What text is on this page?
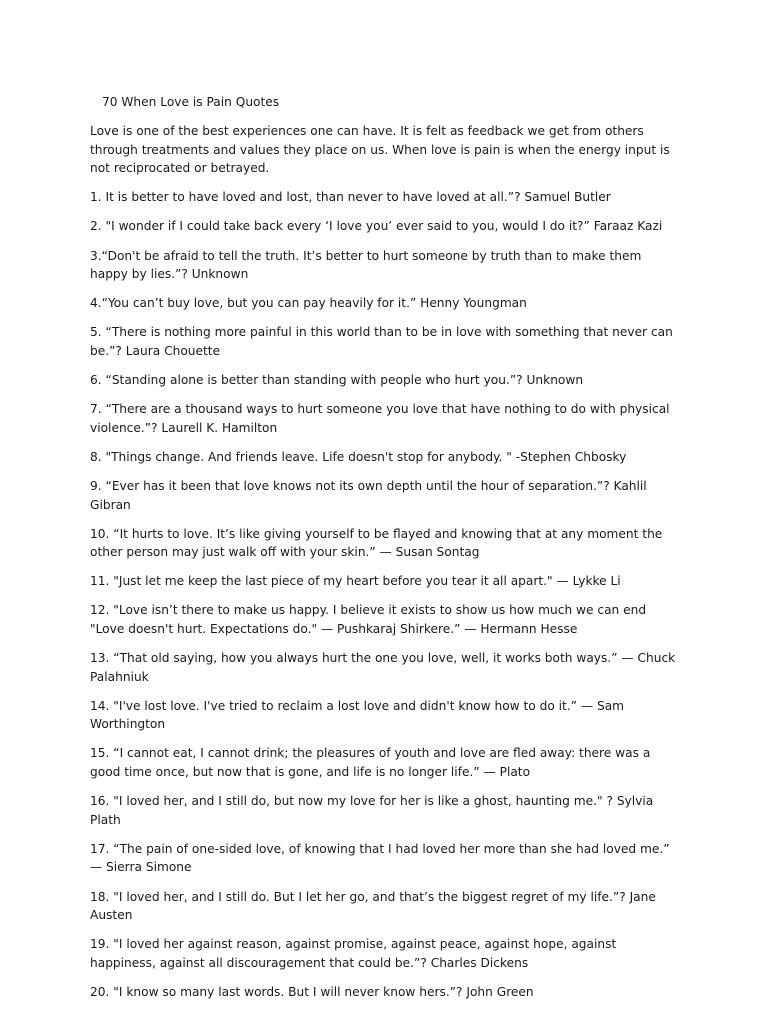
70 When Love is Pain Quotes

Love is one of the best experiences one can have. It is felt as feedback we get from others through treatments and values they place on us. When love is pain is when the energy input is not reciprocated or betrayed.

1. It is better to have loved and lost, than never to have loved at all.”? Samuel Butler

2. "I wonder if I could take back every ‘I love you’ ever said to you, would I do it?” Faraaz Kazi

3.“Don't be afraid to tell the truth. It’s better to hurt someone by truth than to make them happy by lies.”? Unknown

4.“You can’t buy love, but you can pay heavily for it.” Henny Youngman

5. “There is nothing more painful in this world than to be in love with something that never can be.”? Laura Chouette

6. “Standing alone is better than standing with people who hurt you.”? Unknown

7. “There are a thousand ways to hurt someone you love that have nothing to do with physical violence.”? Laurell K. Hamilton

8. "Things change. And friends leave. Life doesn't stop for anybody. " -Stephen Chbosky

9. “Ever has it been that love knows not its own depth until the hour of separation.”? Kahlil Gibran

10. “It hurts to love. It’s like giving yourself to be flayed and knowing that at any moment the other person may just walk off with your skin.” — Susan Sontag

11. "Just let me keep the last piece of my heart before you tear it all apart." — Lykke Li

12. "Love isn’t there to make us happy. I believe it exists to show us how much we can end "Love doesn't hurt. Expectations do." — Pushkaraj Shirkere.” — Hermann Hesse

13. “That old saying, how you always hurt the one you love, well, it works both ways.” — Chuck Palahniuk

14. "I've lost love. I've tried to reclaim a lost love and didn't know how to do it.” — Sam Worthington

15. “I cannot eat, I cannot drink; the pleasures of youth and love are fled away: there was a good time once, but now that is gone, and life is no longer life.” — Plato

16. "I loved her, and I still do, but now my love for her is like a ghost, haunting me." ? Sylvia Plath

17. “The pain of one-sided love, of knowing that I had loved her more than she had loved me.” — Sierra Simone

18. "I loved her, and I still do. But I let her go, and that’s the biggest regret of my life.”? Jane Austen

19. "I loved her against reason, against promise, against peace, against hope, against happiness, against all discouragement that could be.”? Charles Dickens

20. "I know so many last words. But I will never know hers.”? John Green
